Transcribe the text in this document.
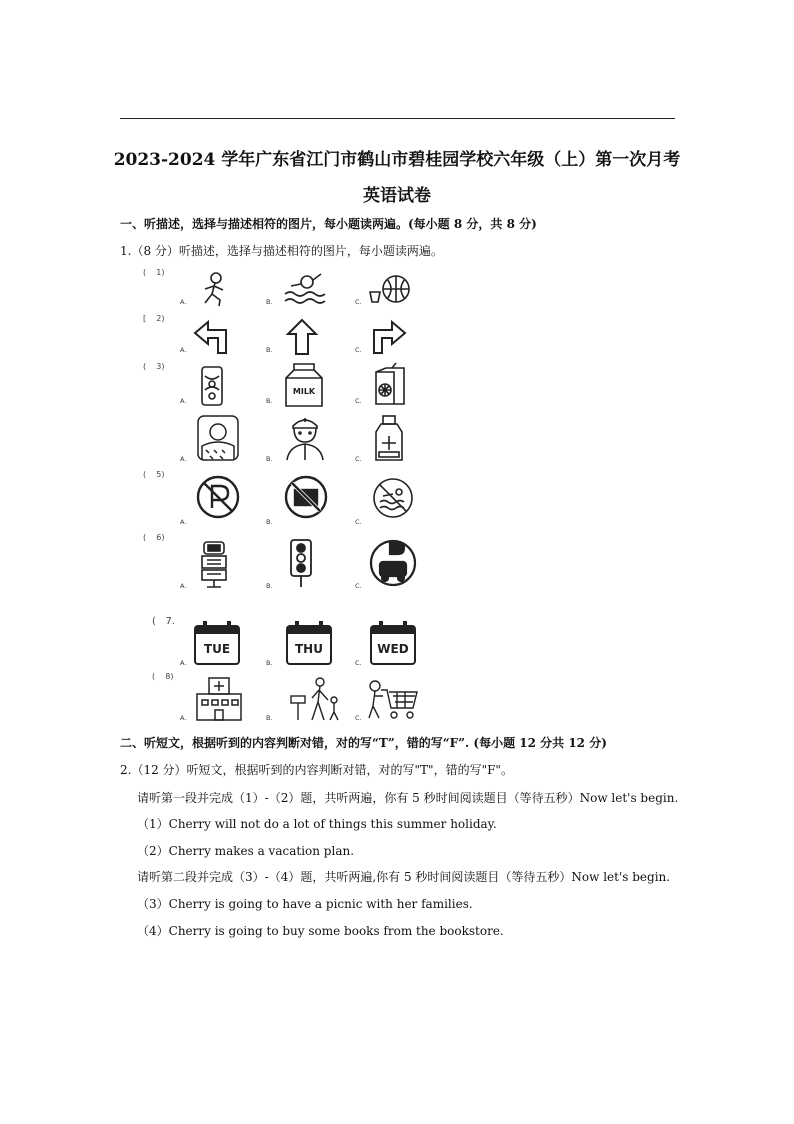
2023-2024 学年广东省江门市鹤山市碧桂园学校六年级（上）第一次月考
英语试卷
一、听描述，选择与描述相符的图片，每小题读两遍。(每小题 8 分，共 8 分)
1.（8 分）听描述，选择与描述相符的图片，每小题读两遍。
(    1)
[    2)
(    3)
(    5)
(    6)
(   7.
(    8)
A.	B.	C.
A.	B.	C.
A.	B.	C.
A.	B.	C.
A.	B.	C.
A.	B.	C.
A.	B.	C.
A.	B.	C.
MILK
TUE	THU	WED
二、听短文，根据听到的内容判断对错，对的写“T”，错的写“F”. (每小题 12 分共 12 分)
2.（12 分）听短文，根据听到的内容判断对错，对的写"T"，错的写"F"。
请听第一段并完成（1）-（2）题，共听两遍，你有 5 秒时间阅读题目（等待五秒）Now let's begin.
（1）Cherry will not do a lot of things this summer holiday.
（2）Cherry makes a vacation plan.
请听第二段并完成（3）-（4）题，共听两遍,你有 5 秒时间阅读题目（等待五秒）Now let's begin.
（3）Cherry is going to have a picnic with her families.
（4）Cherry is going to buy some books from the bookstore.
